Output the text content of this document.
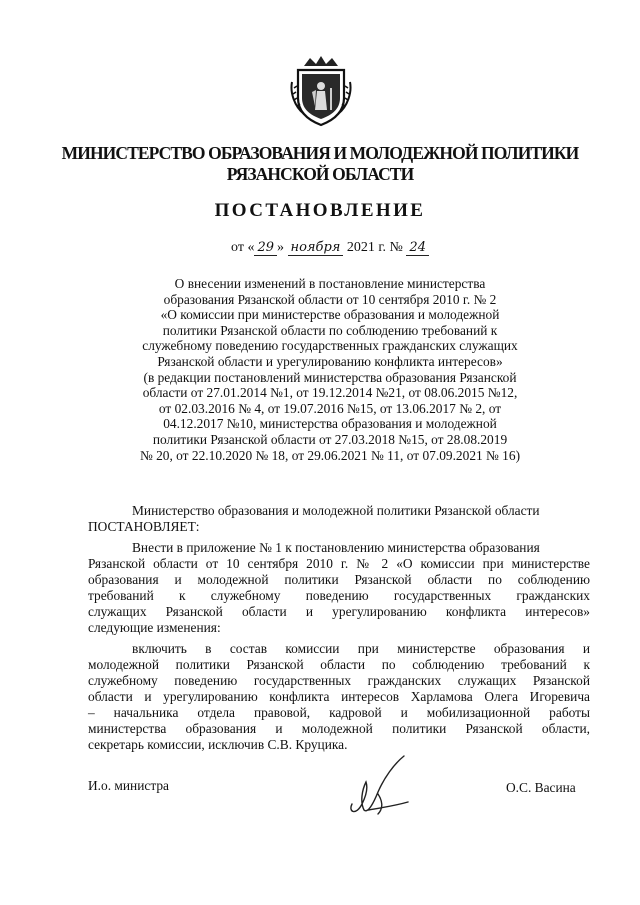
МИНИСТЕРСТВО ОБРАЗОВАНИЯ И МОЛОДЕЖНОЙ ПОЛИТИКИ
РЯЗАНСКОЙ ОБЛАСТИ
ПОСТАНОВЛЕНИЕ
от « 29 » ноября 2021 г. № 24
О внесении изменений в постановление министерства
образования Рязанской области от 10 сентября 2010 г. № 2
«О комиссии при министерстве образования и молодежной
политики Рязанской области по соблюдению требований к
служебному поведению государственных гражданских служащих
Рязанской области и урегулированию конфликта интересов»
(в редакции постановлений министерства образования Рязанской
области от 27.01.2014 №1, от 19.12.2014 №21, от 08.06.2015 №12,
от 02.03.2016 № 4, от 19.07.2016 №15, от 13.06.2017 № 2, от
04.12.2017 №10, министерства образования и молодежной
политики Рязанской области от 27.03.2018 №15, от 28.08.2019
№ 20, от 22.10.2020 № 18, от 29.06.2021 № 11, от 07.09.2021 № 16)
Министерство образования и молодежной политики Рязанской области
ПОСТАНОВЛЯЕТ:
Внести в приложение № 1 к постановлению министерства образования
Рязанской области от 10 сентября 2010 г. № 2 «О комиссии при министерстве
образования и молодежной политики Рязанской области по соблюдению
требований к служебному поведению государственных гражданских
служащих Рязанской области и урегулированию конфликта интересов»
следующие изменения:
включить в состав комиссии при министерстве образования и
молодежной политики Рязанской области по соблюдению требований к
служебному поведению государственных гражданских служащих Рязанской
области и урегулированию конфликта интересов Харламова Олега Игоревича
– начальника отдела правовой, кадровой и мобилизационной работы
министерства образования и молодежной политики Рязанской области,
секретарь комиссии, исключив С.В. Круцика.
И.о. министра	О.С. Васина
